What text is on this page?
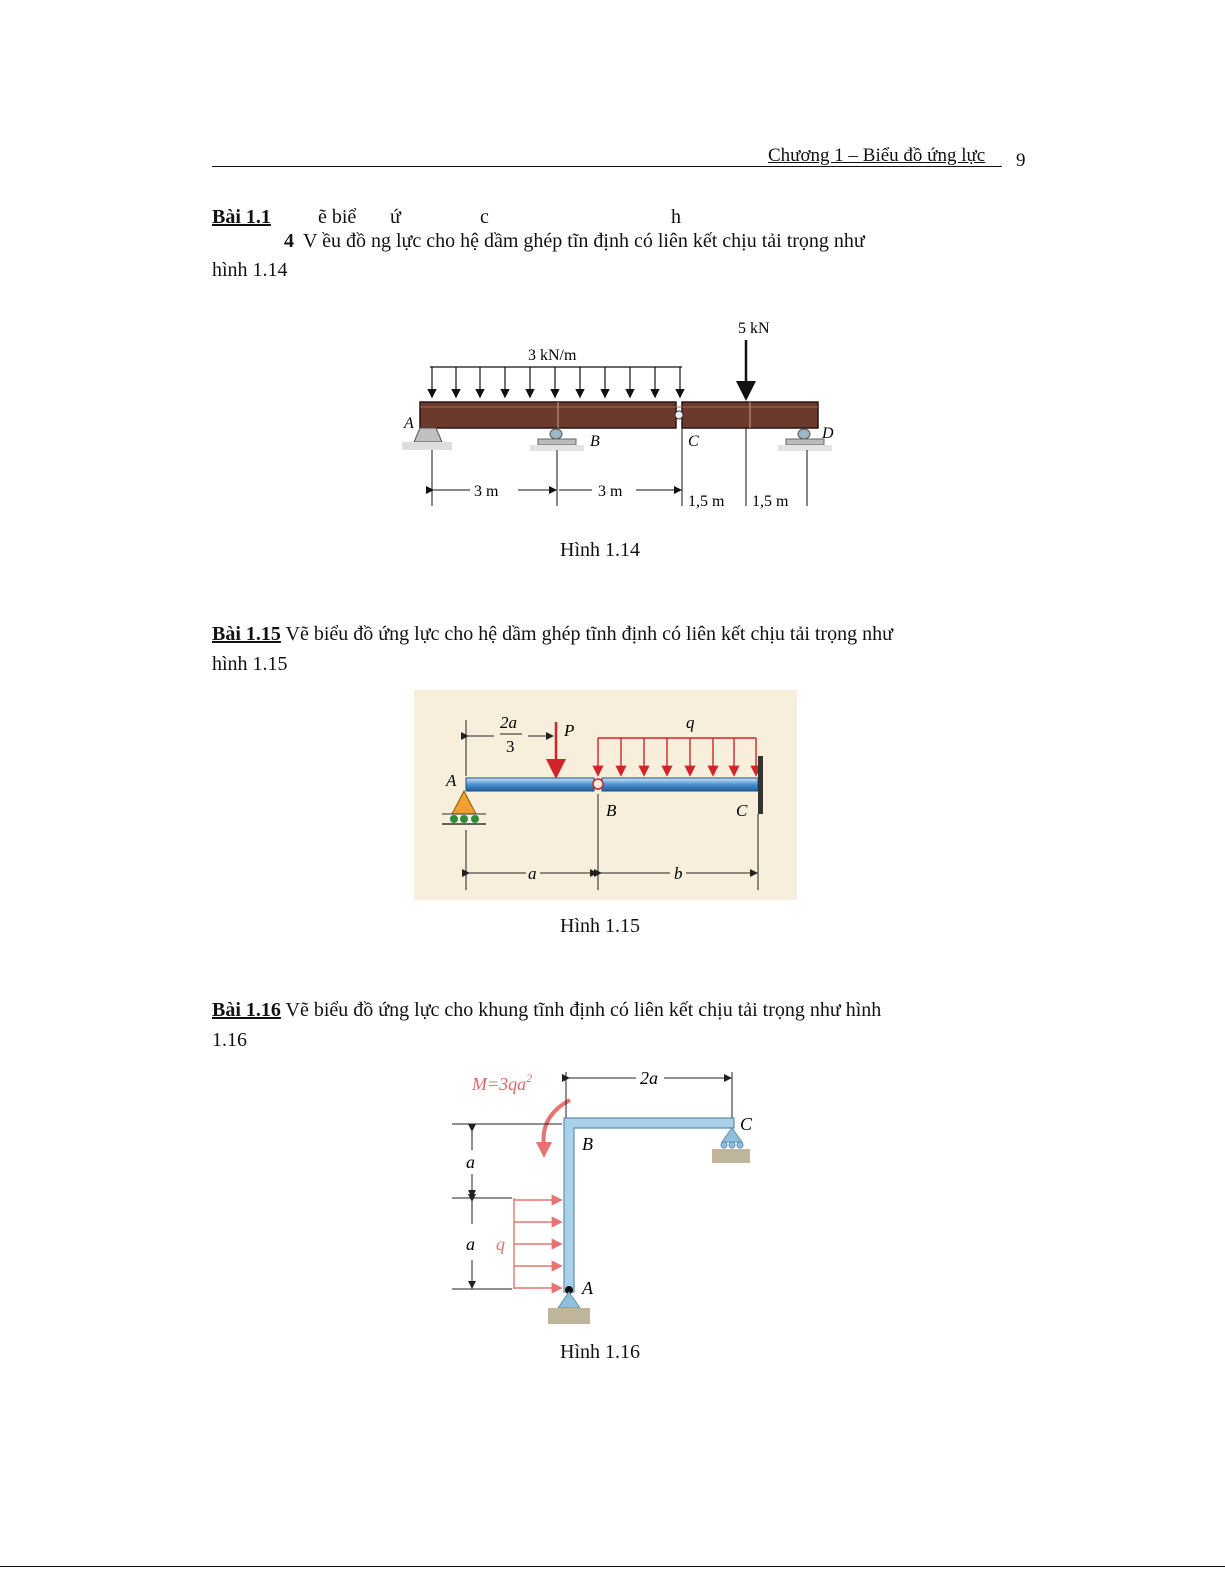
Chương 1 – Biểu đồ ứng lực 9
Bài 1.1 ẽ biể ứ	c	h
4 V ều đồ ng lực cho hệ dầm ghép tĩn định có liên kết chịu tải trọng như
hình 1.14
3 kN/m
5 kN
A
B	C	D
3 m	3 m
1,5 m 1,5 m
Hình 1.14
Bài 1.15 Vẽ biểu đồ ứng lực cho hệ dầm ghép tĩnh định có liên kết chịu tải trọng như
hình 1.15
2a
3
P	q
A
B	C
a	b
Hình 1.15
Bài 1.16 Vẽ biểu đồ ứng lực cho khung tĩnh định có liên kết chịu tải trọng như hình
1.16
$M=3qa^2$	2a
a
a q
B
C
A
Hình 1.16
